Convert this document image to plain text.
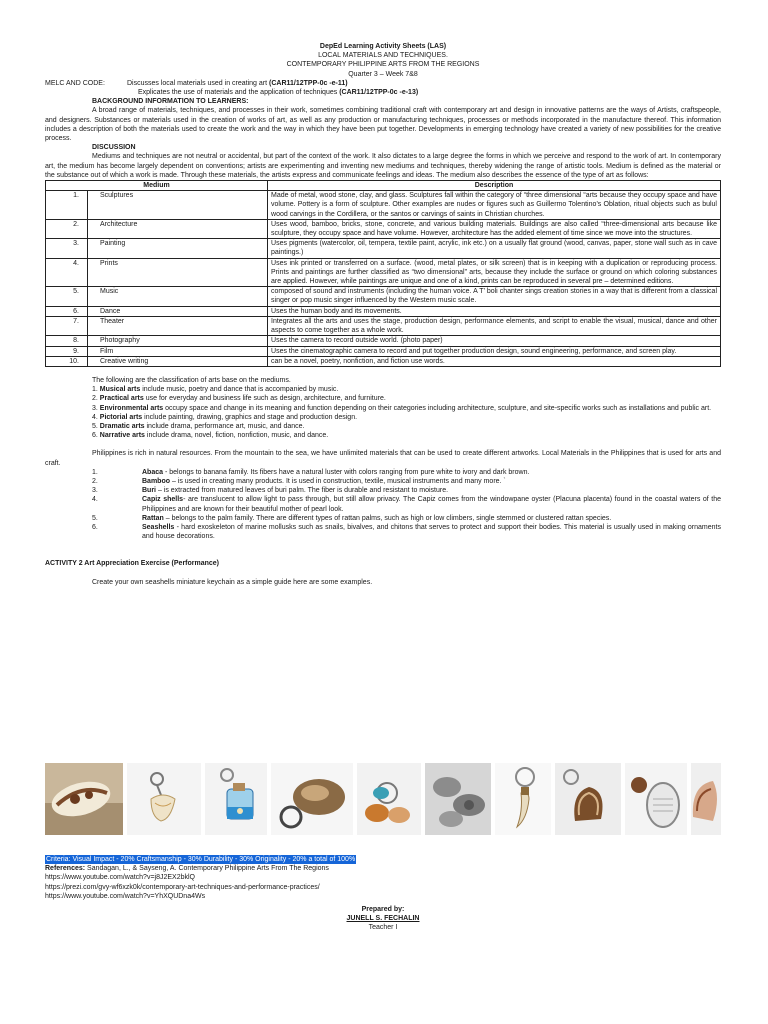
DepEd Learning Activity Sheets (LAS)
LOCAL MATERIALS AND TECHNIQUES.
CONTEMPORARY PHILIPPINE ARTS FROM THE REGIONS
Quarter 3 – Week 7&8
MELC AND CODE:	Discusses local materials used in creating art (CAR11/12TPP-0c -e-11)
Explicates the use of materials and the application of techniques (CAR11/12TPP-0c -e-13)
BACKGROUND INFORMATION TO LEARNERS:

A broad range of materials, techniques, and processes in their work, sometimes combining traditional craft with contemporary art and design in innovative patterns are the ways of Artists, craftspeople, and designers. Substances or materials used in the creation of works of art, as well as any production or manufacturing techniques, processes or methods incorporated in the manufacture thereof. This information includes a description of both the materials used to create the work and the way in which they have been put together. Developments in emerging technology have created a variety of new possibilities for the creative process.

DISCUSSION

Mediums and techniques are not neutral or accidental, but part of the context of the work. It also dictates to a large degree the forms in which we perceive and respond to the work of art. In contemporary art, the medium has become largely dependent on conventions; artists are experimenting and inventing new mediums and techniques, thereby widening the range of artistic tools. Medium is defined as the material or the substance out of which a work is made. Through these materials, the artists express and communicate feelings and ideas. The medium also describes the essence of the type of art as follows:

Medium		Description
1.	Sculptures	Made of metal, wood stone, clay, and glass. Sculptures fall within the category of “three dimensional “arts because they occupy space and have volume. Pottery is a form of sculpture. Other examples are nudes or figures such as Guillermo Tolentino’s Oblation, ritual objects such as bulul wood carvings in the Cordillera, or the santos or carvings of saints in Christian churches.
2.	Architecture	Uses wood, bamboo, bricks, stone, concrete, and various building materials. Buildings are also called “three-dimensional arts because like sculpture, they occupy space and have volume. However, architecture has the added element of time since we move into the structures.
3.	Painting	Uses pigments (watercolor, oil, tempera, textile paint, acrylic, ink etc.) on a usually flat ground (wood, canvas, paper, stone wall such as in cave paintings.)
4.	Prints	Uses ink printed or transferred on a surface. (wood, metal plates, or silk screen) that is in keeping with a duplication or reproducing process. Prints and paintings are further classified as “two dimensional” arts, because they include the surface or ground on which coloring substances are applied. However, while paintings are unique and one of a kind, prints can be reproduced in several pre – determined editions.
5.	Music	composed of sound and instruments (including the human voice. A T’ boli chanter sings creation stories in a way that is different from a classical singer or pop music singer influenced by the Western music scale.
6.	Dance	Uses the human body and its movements.
7.	Theater	Integrates all the arts and uses the stage, production design, performance elements, and script to enable the visual, musical, dance and other aspects to come together as a whole work.
8.	Photography	Uses the camera to record outside world. (photo paper)
9.	Film	Uses the cinematographic camera to record and put together production design, sound engineering, performance, and screen play.
10.	Creative writing	can be a novel, poetry, nonfiction, and fiction use words.
The following are the classification of arts base on the mediums.
1. Musical arts include music, poetry and dance that is accompanied by music.
2. Practical arts use for everyday and business life such as design, architecture, and furniture.
3. Environmental arts occupy space and change in its meaning and function depending on their categories including architecture, sculpture, and site-specific works such as installations and public art.
4. Pictorial arts include painting, drawing, graphics and stage and production design.
5. Dramatic arts include drama, performance art, music, and dance.
6. Narrative arts include drama, novel, fiction, nonfiction, music, and dance.

Philippines is rich in natural resources. From the mountain to the sea, we have unlimited materials that can be used to create different artworks. Local Materials in the Philippines that is used for arts and craft.

1.	Abaca - belongs to banana family. Its fibers have a natural luster with colors ranging from pure white to ivory and dark brown.
2.	Bamboo – is used in creating many products. It is used in construction, textile, musical instruments and many more. `
3.	Buri – is extracted from matured leaves of buri palm. The fiber is durable and resistant to moisture.
4.	Capiz shells- are translucent to allow light to pass through, but still allow privacy. The Capiz comes from the windowpane oyster (Placuna placenta) found in the coastal waters of the Philippines and are known for their beautiful mother of pearl look.
5.	Rattan – belongs to the palm family. There are different types of rattan palms, such as high or low climbers, single stemmed or clustered rattan species.
6.	Seashells - hard exoskeleton of marine mollusks such as snails, bivalves, and chitons that serves to protect and support their bodies. This material is usually used in making ornaments and house decorations.
ACTIVITY 2 Art Appreciation Exercise (Performance)
Create your own seashells miniature keychain as a simple guide here are some examples.
Criteria: Visual Impact - 20% Craftsmanship - 30% Durability - 30% Originality - 20% a total of 100%
References: Sandagan, L., & Sayseng, A. Contemporary Philippine Arts From The Regions
https://www.youtube.com/watch?v=j8J2EX2bklQ
https://prezi.com/gvy-wf6xzk0k/contemporary-art-techniques-and-performance-practices/
https://www.youtube.com/watch?v=YhXQUDna4Ws
Prepared by:
JUNELL S. FECHALIN
Teacher I
